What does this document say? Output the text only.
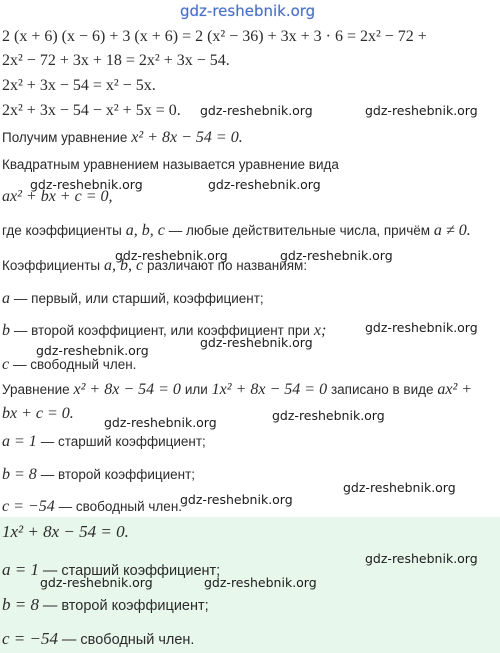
gdz-reshebnik.org
2 (x + 6) (x − 6) + 3 (x + 6) = 2 (x² − 36) + 3x + 3 · 6 = 2x² − 72 +
2x² − 72 + 3x + 18 = 2x² + 3x − 54.
2x² + 3x − 54 = x² − 5x.
2x² + 3x − 54 − x² + 5x = 0.
Получим уравнение x² + 8x − 54 = 0.
Квадратным уравнением называется уравнение вида
ax² + bx + c = 0,
где коэффициенты a, b, c — любые действительные числа, причём a ≠ 0.
Коэффициенты a, b, c различают по названиям:
a — первый, или старший, коэффициент;
b — второй коэффициент, или коэффициент при x;
c — свободный член.
Уравнение x² + 8x − 54 = 0 или 1x² + 8x − 54 = 0 записано в виде ax² +
bx + c = 0.
a = 1 — старший коэффициент;
b = 8 — второй коэффициент;
c = −54 — свободный член.
1x² + 8x − 54 = 0.
a = 1 — старший коэффициент;
b = 8 — второй коэффициент;
c = −54 — свободный член.
gdz-reshebnik.org	gdz-reshebnik.org
gdz-reshebnik.org	gdz-reshebnik.org
gdz-reshebnik.org	gdz-reshebnik.org
gdz-reshebnik.org
gdz-reshebnik.org
gdz-reshebnik.org
gdz-reshebnik.org
gdz-reshebnik.org
gdz-reshebnik.org
gdz-reshebnik.org
gdz-reshebnik.org
gdz-reshebnik.org	gdz-reshebnik.org
